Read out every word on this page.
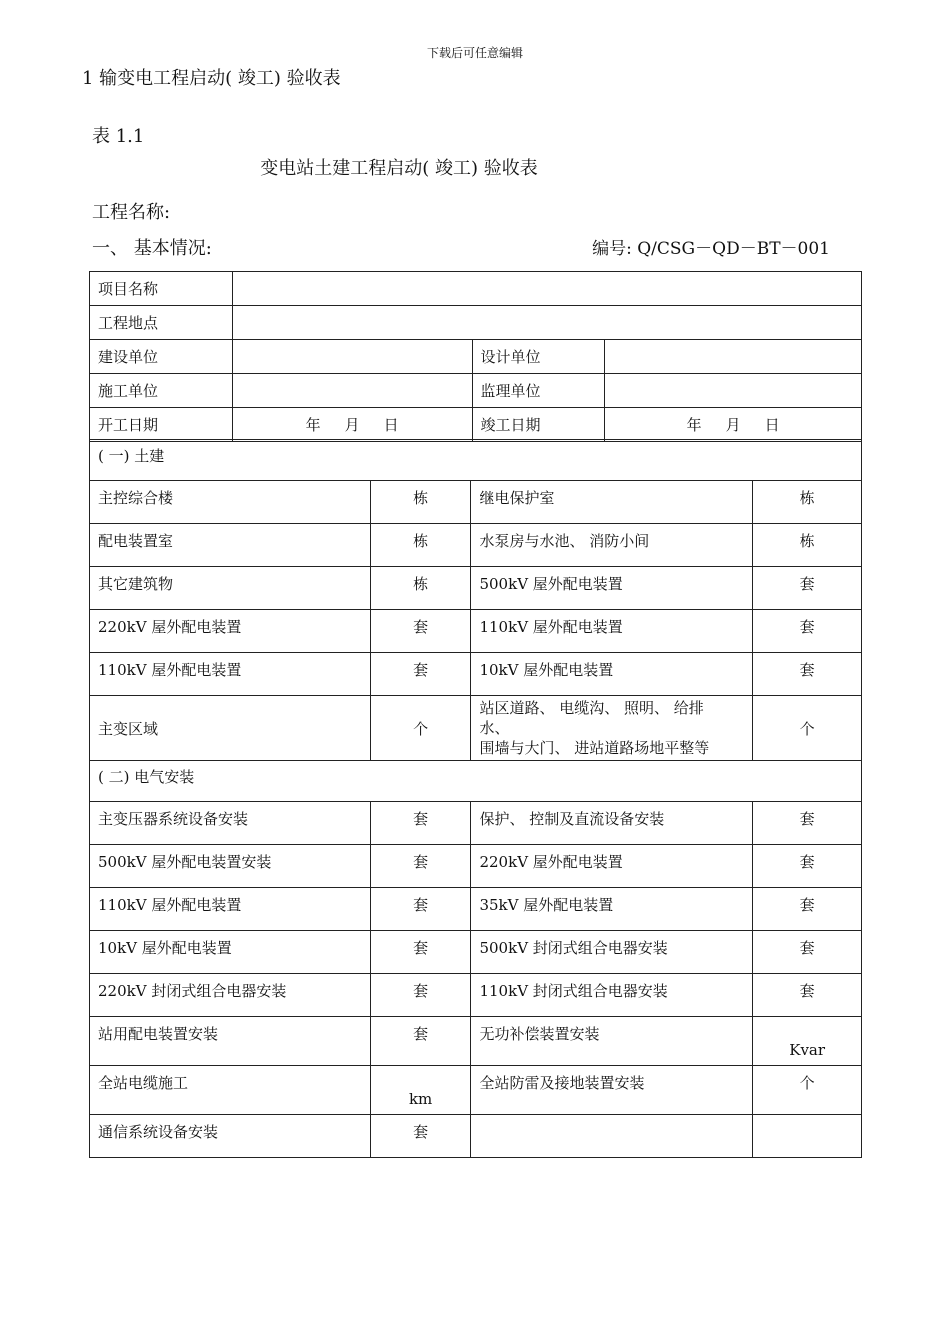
下载后可任意编辑
1 输变电工程启动( 竣工) 验收表
表 1.1
变电站土建工程启动( 竣工) 验收表
工程名称:
一、 基本情况:	编号: Q/CSG－QD－BT－001
项目名称			
工程地点			
建设单位		设计单位	
施工单位		监理单位	
开工日期	年 月 日	竣工日期	年 月 日
( 一) 土建			
主控综合楼	栋	继电保护室	栋
配电装置室	栋	水泵房与水池、 消防小间	栋
其它建筑物	栋	500kV 屋外配电装置	套
220kV 屋外配电装置	套	110kV 屋外配电装置	套
110kV 屋外配电装置	套	10kV 屋外配电装置	套
主变区域	个	站区道路、 电缆沟、 照明、 给排
水、
围墙与大门、 进站道路场地平整等	个
( 二) 电气安装			
主变压器系统设备安装	套	保护、 控制及直流设备安装	套
500kV 屋外配电装置安装	套	220kV 屋外配电装置	套
110kV 屋外配电装置	套	35kV 屋外配电装置	套
10kV 屋外配电装置	套	500kV 封闭式组合电器安装	套
220kV 封闭式组合电器安装	套	110kV 封闭式组合电器安装	套
站用配电装置安装	套	无功补偿装置安装	Kvar
全站电缆施工	km	全站防雷及接地装置安装	个
通信系统设备安装	套		
